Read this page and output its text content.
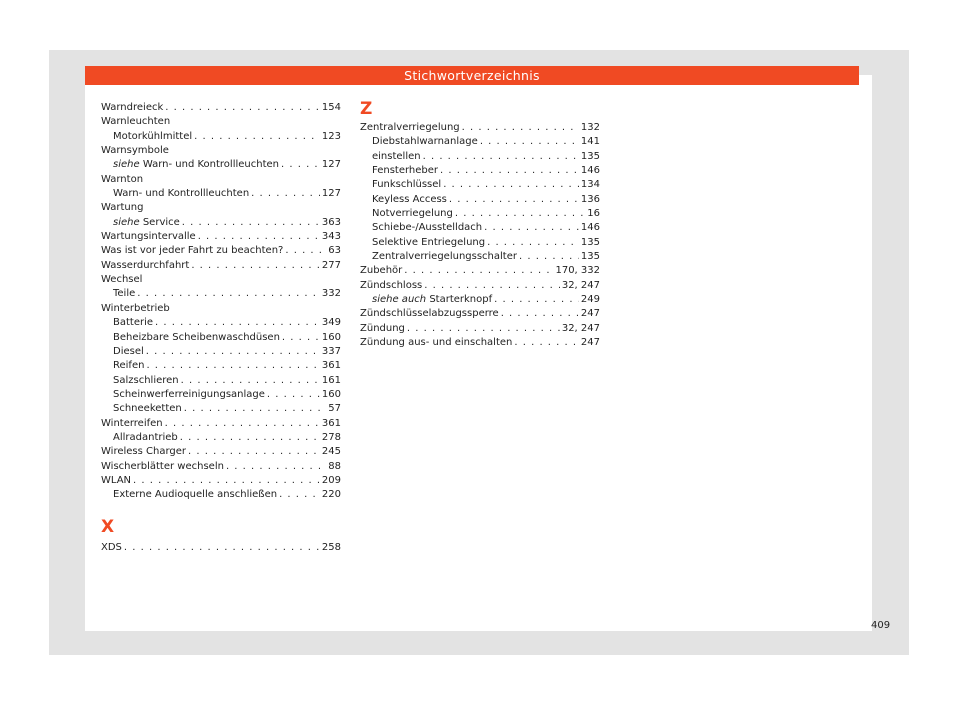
Stichwortverzeichnis
Warndreieck . . .	154
Warnleuchten
Motorkühlmittel . . .	123
Warnsymbole
siehe Warn- und Kontrollleuchten . . .	127
Warnton
Warn- und Kontrollleuchten . . .	127
Wartung
siehe Service . . .	363
Wartungsintervalle . . .	343
Was ist vor jeder Fahrt zu beachten? . . .	63
Wasserdurchfahrt . . .	277
Wechsel
Teile . . .	332
Winterbetrieb
Batterie . . .	349
Beheizbare Scheibenwaschdüsen . . .	160
Diesel . . .	337
Reifen . . .	361
Salzschlieren . . .	161
Scheinwerferreinigungsanlage . . .	160
Schneeketten . . .	57
Winterreifen . . .	361
Allradantrieb . . .	278
Wireless Charger . . .	245
Wischerblätter wechseln . . .	88
WLAN . . .	209
Externe Audioquelle anschließen . . .	220
X
XDS . . .	258
Z
Zentralverriegelung . . .	132
Diebstahlwarnanlage . . .	141
einstellen . . .	135
Fensterheber . . .	146
Funkschlüssel . . .	134
Keyless Access . . .	136
Notverriegelung . . .	16
Schiebe-/Ausstelldach . . .	146
Selektive Entriegelung . . .	135
Zentralverriegelungsschalter . . .	135
Zubehör . . .	170, 332
Zündschloss . . .	32, 247
siehe auch Starterknopf . . .	249
Zündschlüsselabzugssperre . . .	247
Zündung . . .	32, 247
Zündung aus- und einschalten . . .	247
409
